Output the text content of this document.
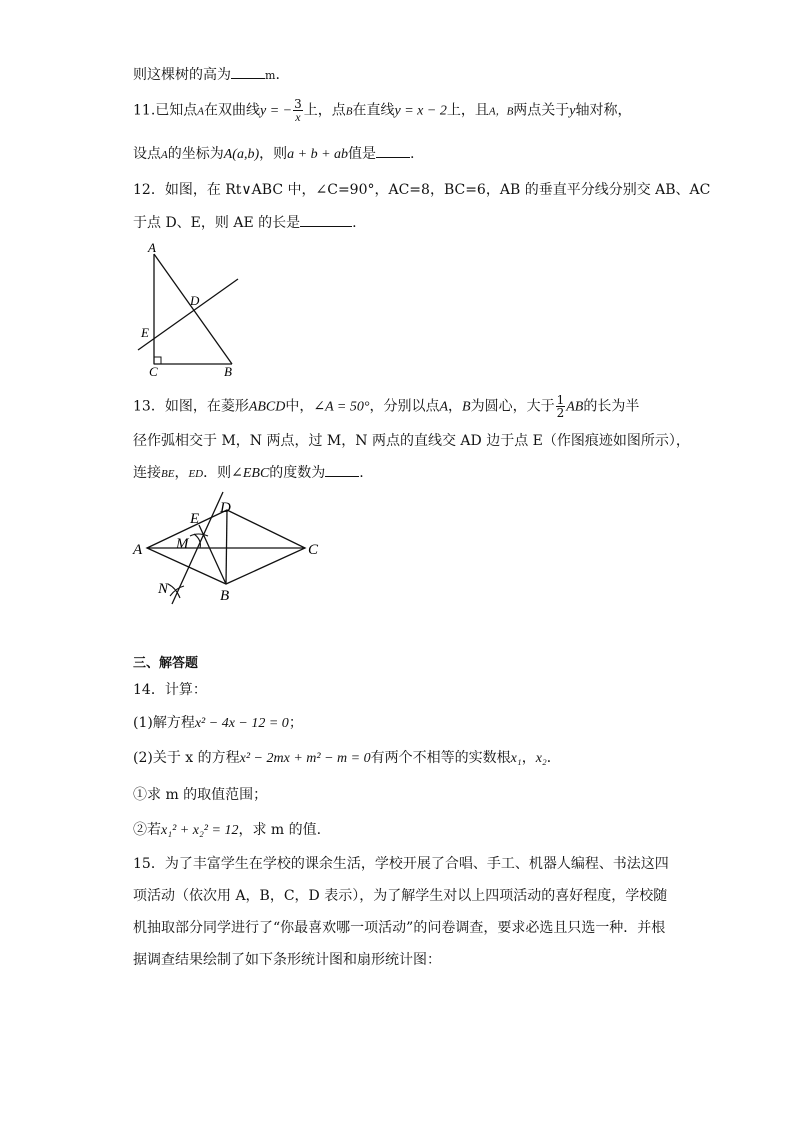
则这棵树的高为	m.
11.已知点A在双曲线y = − $\frac{3}{x}$ 上，点B在直线y = x − 2上，且A，B两点关于y轴对称，
设点A的坐标为A(a,b)，则a + b + ab值是 .
12．如图，在 Rt∨ABC 中，∠C=90°，AC=8，BC=6，AB 的垂直平分线分别交 AB、AC
于点 D、E，则 AE 的长是	.
A
D
E
C	B
13．如图，在菱形ABCD中，∠A = 50°，分别以点A，B为圆心，大于 $\frac{1}{2}$ AB的长为半
径作弧相交于 M，N 两点，过 M，N 两点的直线交 AD 边于点 E（作图痕迹如图所示），
连接BE，ED．则∠EBC的度数为 .
A
E
D
M	C
N	B
三、解答题
14．计算：
(1)解方程x² − 4x − 12 = 0；
(2)关于 x 的方程x² − 2mx + m² − m = 0有两个不相等的实数根x₁，x₂．
①求 m 的取值范围；
②若x₁² + x₂² = 12，求 m 的值.
15．为了丰富学生在学校的课余生活，学校开展了合唱、手工、机器人编程、书法这四
项活动（依次用 A，B，C，D 表示），为了解学生对以上四项活动的喜好程度，学校随
机抽取部分同学进行了“你最喜欢哪一项活动”的问卷调查，要求必选且只选一种．并根
据调查结果绘制了如下条形统计图和扇形统计图：
